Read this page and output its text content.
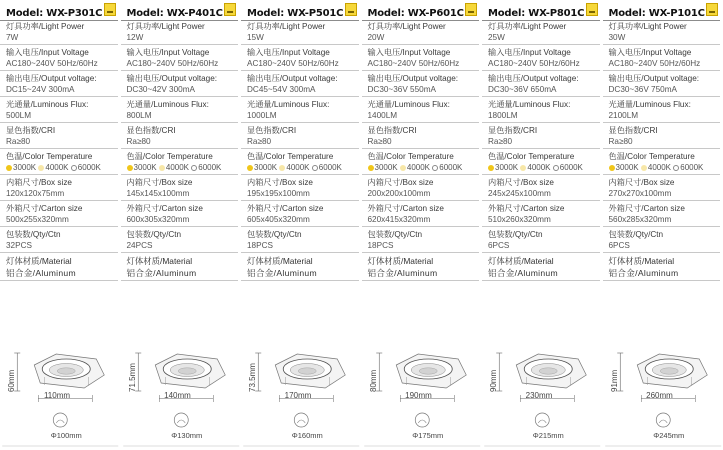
Model: WX-P301C
灯具功率/Light Power
7W
输入电压/Input Voltage
AC180~240V 50Hz/60Hz
输出电压/Output voltage:
DC15~24V 300mA
光通量/Luminous Flux:
500LM
显色指数/CRI
Ra≥80
色温/Color Temperature
3000K 4000K 6000K
内箱尺寸/Box size
120x120x75mm
外箱尺寸/Carton size
500x255x320mm
包装数/Qty/Ctn
32PCS
灯体材质/Material
铝合金/Aluminum
60mm
110mm
Φ100mm
Model: WX-P401C
灯具功率/Light Power
12W
输入电压/Input Voltage
AC180~240V 50Hz/60Hz
输出电压/Output voltage:
DC30~42V 300mA
光通量/Luminous Flux:
800LM
显色指数/CRI
Ra≥80
色温/Color Temperature
3000K 4000K 6000K
内箱尺寸/Box size
145x145x100mm
外箱尺寸/Carton size
600x305x320mm
包装数/Qty/Ctn
24PCS
灯体材质/Material
铝合金/Aluminum
71.5mm
140mm
Φ130mm
Model: WX-P501C
灯具功率/Light Power
15W
输入电压/Input Voltage
AC180~240V 50Hz/60Hz
输出电压/Output voltage:
DC45~54V 300mA
光通量/Luminous Flux:
1000LM
显色指数/CRI
Ra≥80
色温/Color Temperature
3000K 4000K 6000K
内箱尺寸/Box size
195x195x100mm
外箱尺寸/Carton size
605x405x320mm
包装数/Qty/Ctn
18PCS
灯体材质/Material
铝合金/Aluminum
73.5mm
170mm
Φ160mm
Model: WX-P601C
灯具功率/Light Power
20W
输入电压/Input Voltage
AC180~240V 50Hz/60Hz
输出电压/Output voltage:
DC30~36V 550mA
光通量/Luminous Flux:
1400LM
显色指数/CRI
Ra≥80
色温/Color Temperature
3000K 4000K 6000K
内箱尺寸/Box size
200x200x100mm
外箱尺寸/Carton size
620x415x320mm
包装数/Qty/Ctn
18PCS
灯体材质/Material
铝合金/Aluminum
80mm
190mm
Φ175mm
Model: WX-P801C
灯具功率/Light Power
25W
输入电压/Input Voltage
AC180~240V 50Hz/60Hz
输出电压/Output voltage:
DC30~36V 650mA
光通量/Luminous Flux:
1800LM
显色指数/CRI
Ra≥80
色温/Color Temperature
3000K 4000K 6000K
内箱尺寸/Box size
245x245x100mm
外箱尺寸/Carton size
510x260x320mm
包装数/Qty/Ctn
6PCS
灯体材质/Material
铝合金/Aluminum
90mm
230mm
Φ215mm
Model: WX-P101C
灯具功率/Light Power
30W
输入电压/Input Voltage
AC180~240V 50Hz/60Hz
输出电压/Output voltage:
DC30~36V 750mA
光通量/Luminous Flux:
2100LM
显色指数/CRI
Ra≥80
色温/Color Temperature
3000K 4000K 6000K
内箱尺寸/Box size
270x270x100mm
外箱尺寸/Carton size
560x285x320mm
包装数/Qty/Ctn
6PCS
灯体材质/Material
铝合金/Aluminum
91mm
260mm
Φ245mm
